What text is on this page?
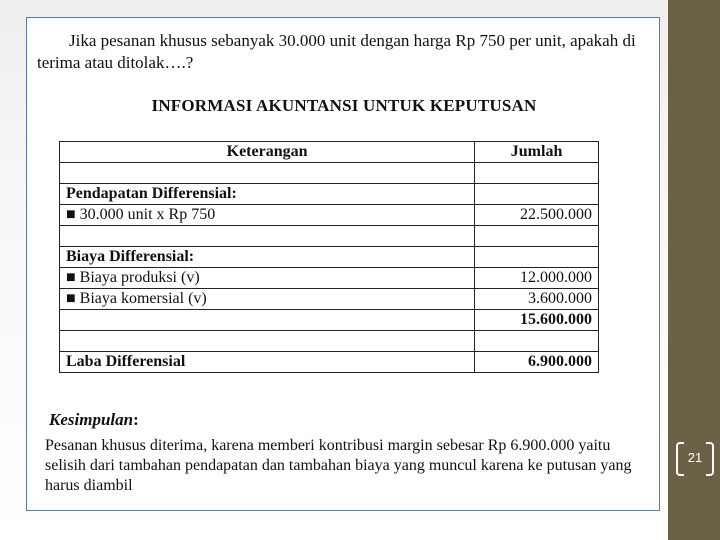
Jika pesanan khusus sebanyak 30.000 unit dengan harga Rp 750 per unit, apakah di terima atau ditolak….?
INFORMASI AKUNTANSI UNTUK KEPUTUSAN
Keterangan	Jumlah

Pendapatan Differensial:	
■ 30.000 unit x Rp 750	22.500.000

Biaya Differensial:	
■ Biaya produksi (v)	12.000.000
■ Biaya komersial (v)	3.600.000
	15.600.000

Laba Differensial	6.900.000
Kesimpulan:
Pesanan khusus diterima, karena memberi kontribusi margin sebesar Rp 6.900.000 yaitu selisih dari tambahan pendapatan dan tambahan biaya yang muncul karena ke putusan yang harus diambil
21
